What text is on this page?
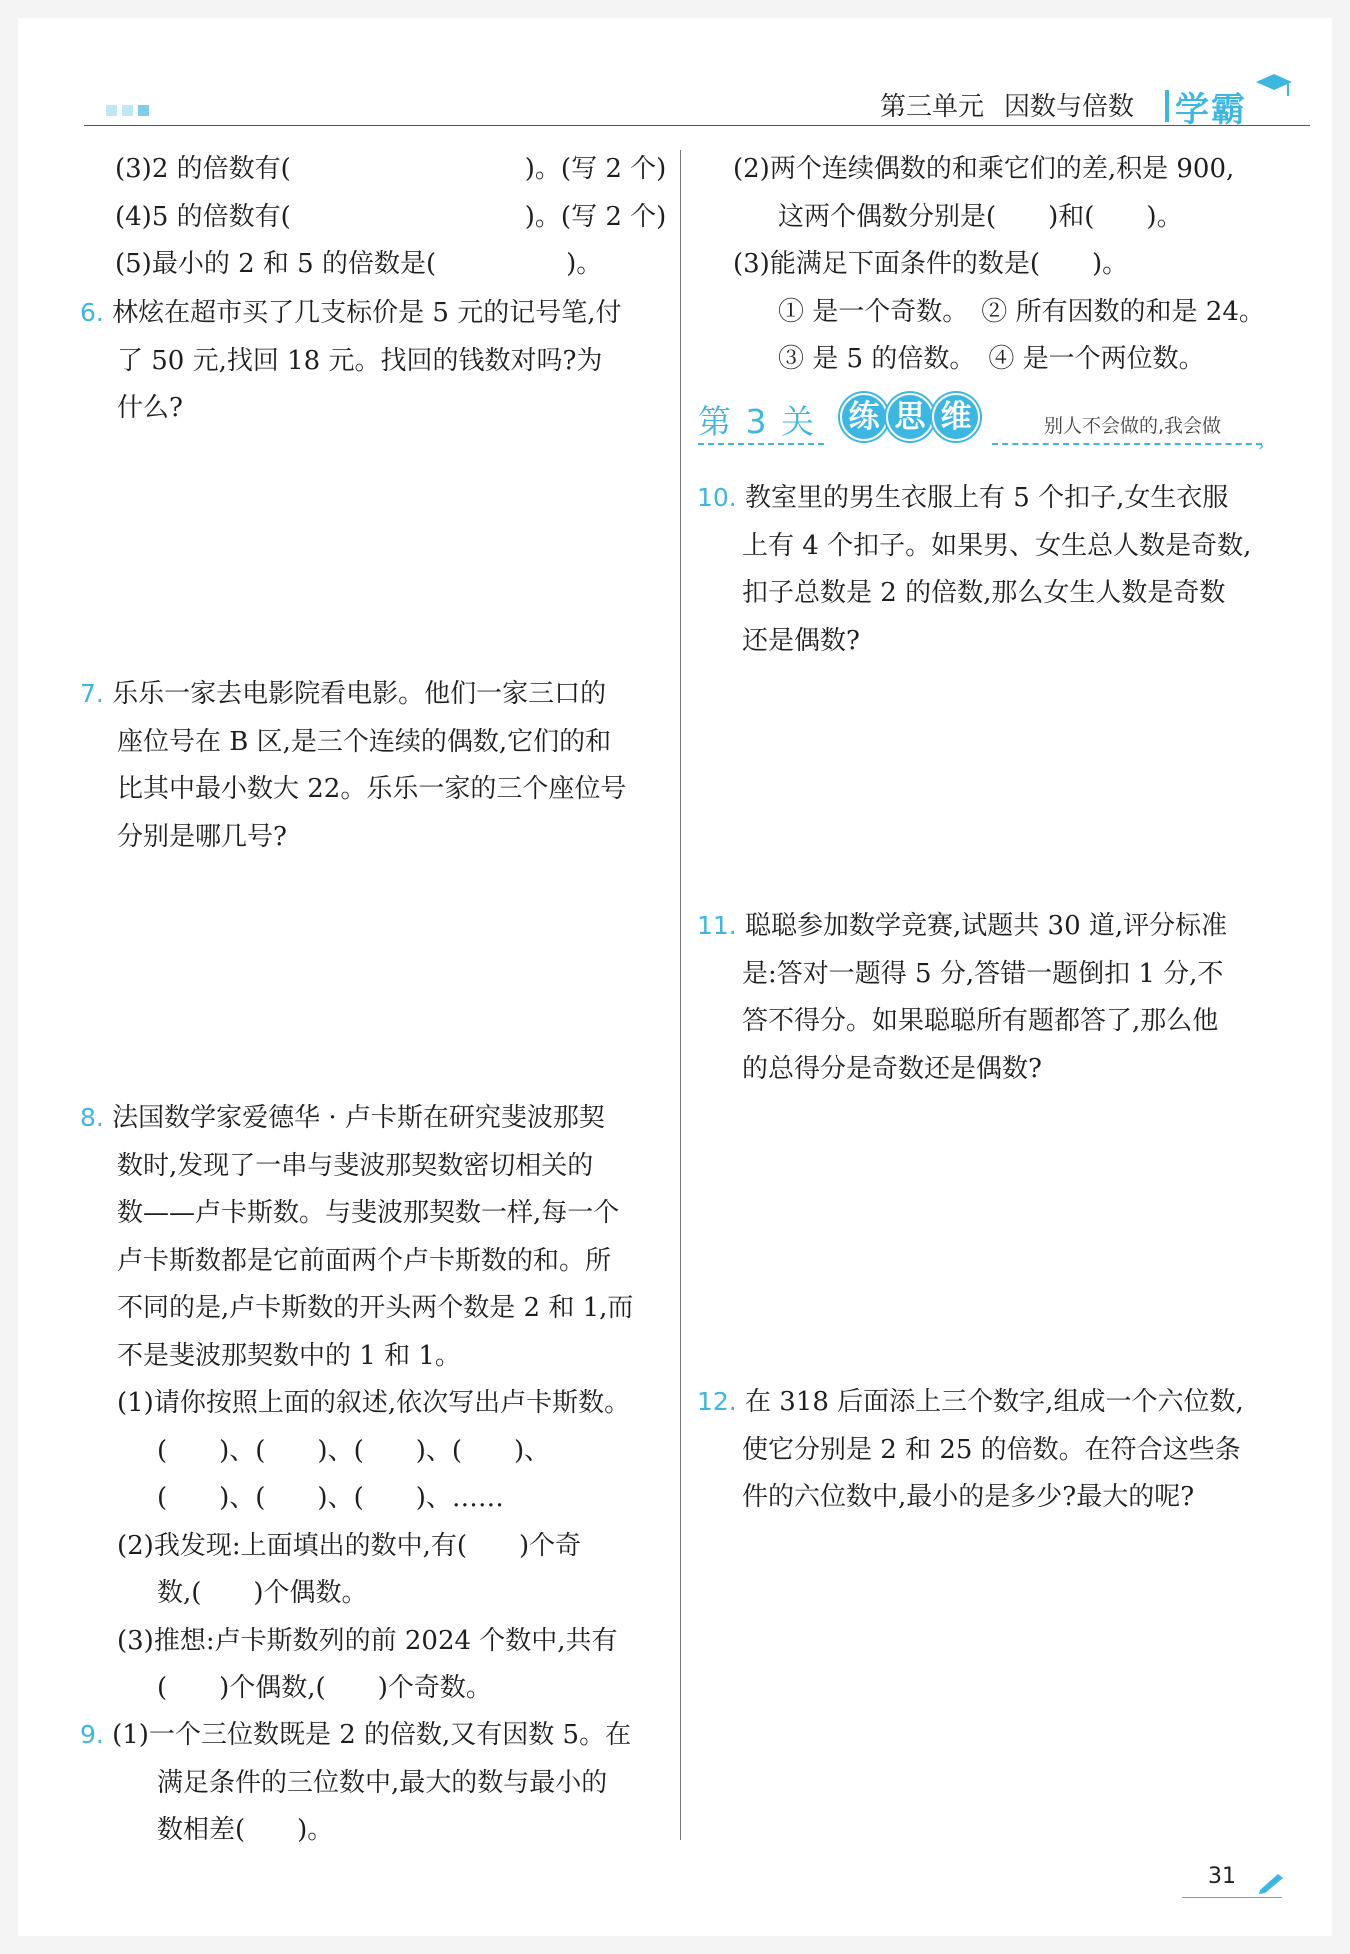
第三单元 因数与倍数 学霸

(3)2 的倍数有(　　　　　　　　　)。(写 2 个)

(4)5 的倍数有(　　　　　　　　　)。(写 2 个)

(5)最小的 2 和 5 的倍数是(　　　　　)。

6. 林炫在超市买了几支标价是 5 元的记号笔,付

了 50 元,找回 18 元。找回的钱数对吗?为

什么?

7. 乐乐一家去电影院看电影。他们一家三口的

座位号在 B 区,是三个连续的偶数,它们的和

比其中最小数大 22。乐乐一家的三个座位号

分别是哪几号?

8. 法国数学家爱德华 · 卢卡斯在研究斐波那契

数时,发现了一串与斐波那契数密切相关的

数——卢卡斯数。与斐波那契数一样,每一个

卢卡斯数都是它前面两个卢卡斯数的和。所

不同的是,卢卡斯数的开头两个数是 2 和 1,而

不是斐波那契数中的 1 和 1。

(1)请你按照上面的叙述,依次写出卢卡斯数。

(　　)、(　　)、(　　)、(　　)、

(　　)、(　　)、(　　)、……

(2)我发现:上面填出的数中,有(　　)个奇

数,(　　)个偶数。

(3)推想:卢卡斯数列的前 2024 个数中,共有

(　　)个偶数,(　　)个奇数。

9. (1)一个三位数既是 2 的倍数,又有因数 5。在

满足条件的三位数中,最大的数与最小的

数相差(　　)。

(2)两个连续偶数的和乘它们的差,积是 900,

这两个偶数分别是(　　)和(　　)。

(3)能满足下面条件的数是(　　)。

① 是一个奇数。　② 所有因数的和是 24。

③ 是 5 的倍数。　④ 是一个两位数。

第 3 关 练 思 维	别人不会做的,我会做
›

10. 教室里的男生衣服上有 5 个扣子,女生衣服

上有 4 个扣子。如果男、女生总人数是奇数,

扣子总数是 2 的倍数,那么女生人数是奇数

还是偶数?

11. 聪聪参加数学竞赛,试题共 30 道,评分标准

是:答对一题得 5 分,答错一题倒扣 1 分,不

答不得分。如果聪聪所有题都答了,那么他

的总得分是奇数还是偶数?

12. 在 318 后面添上三个数字,组成一个六位数,

使它分别是 2 和 25 的倍数。在符合这些条

件的六位数中,最小的是多少?最大的呢?

31
